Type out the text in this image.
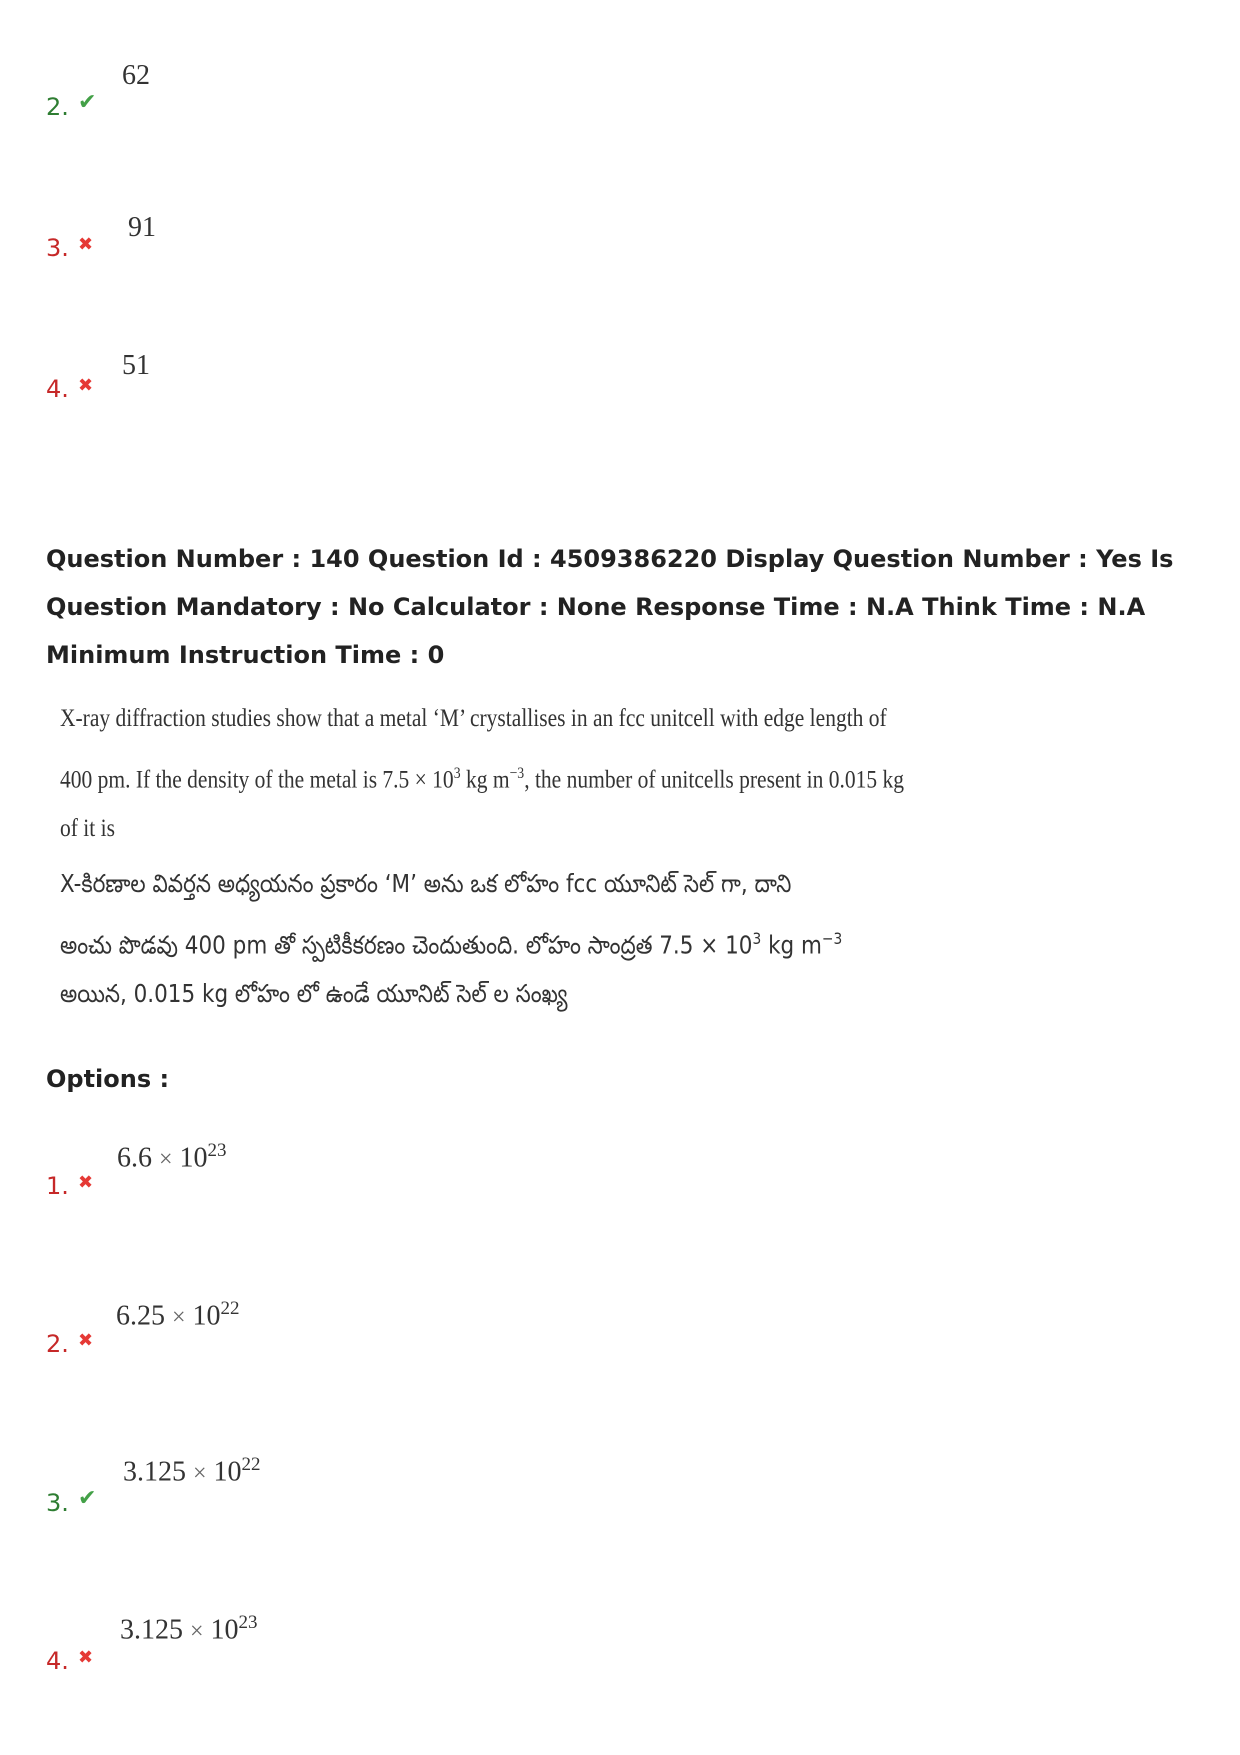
62
2. ✔
91
3. ✖
51
4. ✖
Question Number : 140 Question Id : 4509386220 Display Question Number : Yes Is Question Mandatory : No Calculator : None Response Time : N.A Think Time : N.A Minimum Instruction Time : 0
X-ray diffraction studies show that a metal ‘M’ crystallises in an fcc unitcell with edge length of
400 pm. If the density of the metal is $7.5 \times 10^3$ kg $m^{-3}$, the number of unitcells present in 0.015 kg
of it is
X-కిరణాల వివర్తన అధ్యయనం ప్రకారం ‘M’ అను ఒక లోహం fcc యూనిట్ సెల్ గా, దాని
అంచు పొడవు 400 pm తో స్పటికీకరణం చెందుతుంది. లోహం సాంద్రత $7.5 \times 10^3$ kg $m^{-3}$
అయిన, 0.015 kg లోహం లో ఉండే యూనిట్ సెల్ ల సంఖ్య
Options :
$6.6 \times 10^{23}$
1. ✖
$6.25 \times 10^{22}$
2. ✖
$3.125 \times 10^{22}$
3. ✔
$3.125 \times 10^{23}$
4. ✖
